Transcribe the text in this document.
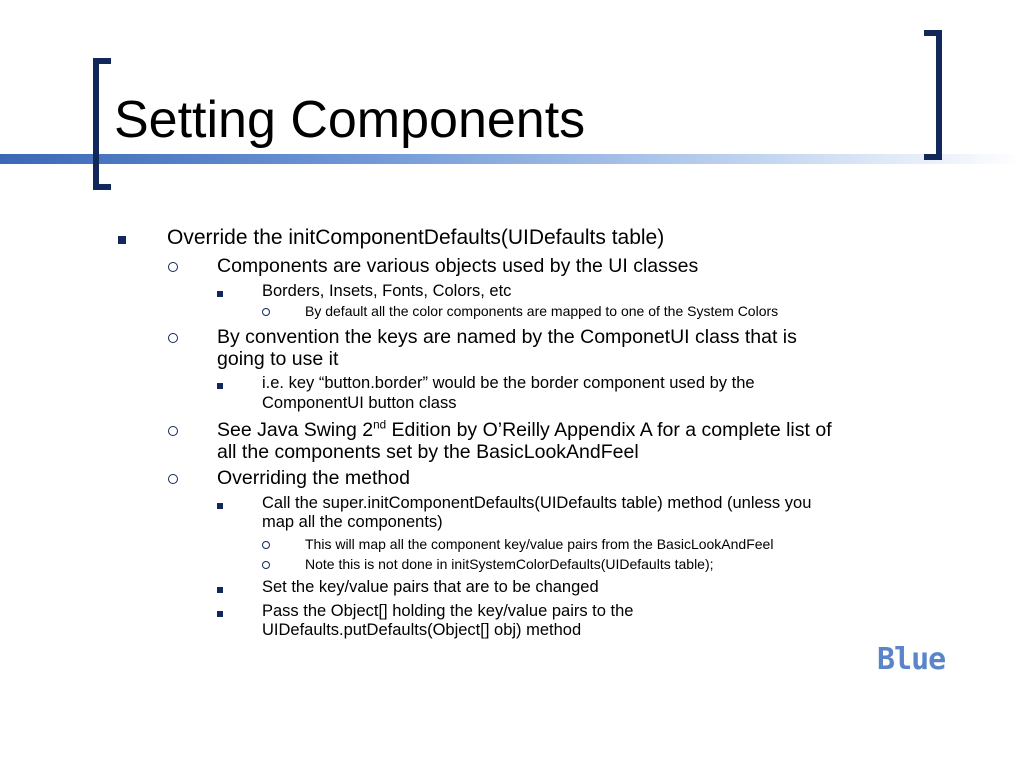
Setting Components
Override the initComponentDefaults(UIDefaults table)
Components are various objects used by the UI classes
Borders, Insets, Fonts, Colors, etc
By default all the color components are mapped to one of the System Colors
By convention the keys are named by the ComponetUI class that is
going to use it
i.e. key “button.border” would be the border component used by the
ComponentUI button class
See Java Swing 2nd Edition by O’Reilly Appendix A for a complete list of
all the components set by the BasicLookAndFeel
Overriding the method
Call the super.initComponentDefaults(UIDefaults table) method (unless you
map all the components)
This will map all the component key/value pairs from the BasicLookAndFeel
Note this is not done in initSystemColorDefaults(UIDefaults table);
Set the key/value pairs that are to be changed
Pass the Object[] holding the key/value pairs to the
UIDefaults.putDefaults(Object[] obj) method
Blue
